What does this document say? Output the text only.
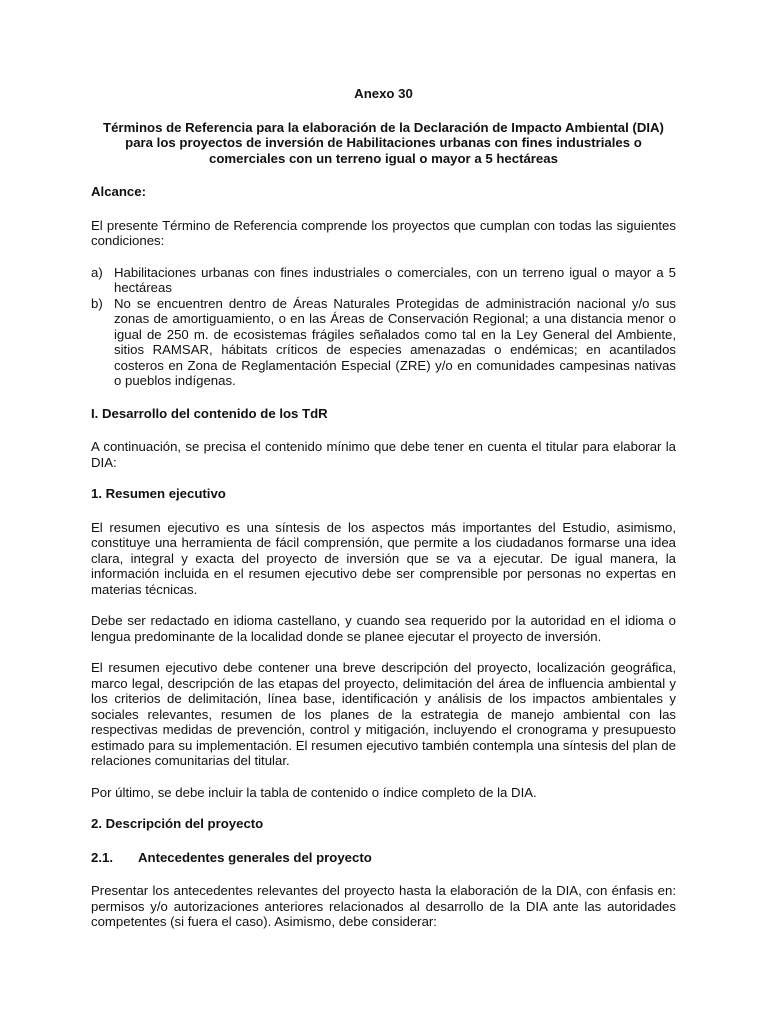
Anexo 30
Términos de Referencia para la elaboración de la Declaración de Impacto Ambiental (DIA) para los proyectos de inversión de Habilitaciones urbanas con fines industriales o comerciales con un terreno igual o mayor a 5 hectáreas
Alcance:

El presente Término de Referencia comprende los proyectos que cumplan con todas las siguientes condiciones:

a) Habilitaciones urbanas con fines industriales o comerciales, con un terreno igual o mayor a 5 hectáreas
b) No se encuentren dentro de Áreas Naturales Protegidas de administración nacional y/o sus zonas de amortiguamiento, o en las Áreas de Conservación Regional; a una distancia menor o igual de 250 m. de ecosistemas frágiles señalados como tal en la Ley General del Ambiente, sitios RAMSAR, hábitats críticos de especies amenazadas o endémicas; en acantilados costeros en Zona de Reglamentación Especial (ZRE) y/o en comunidades campesinas nativas o pueblos indígenas.
I. Desarrollo del contenido de los TdR

A continuación, se precisa el contenido mínimo que debe tener en cuenta el titular para elaborar la DIA:

1. Resumen ejecutivo

El resumen ejecutivo es una síntesis de los aspectos más importantes del Estudio, asimismo, constituye una herramienta de fácil comprensión, que permite a los ciudadanos formarse una idea clara, integral y exacta del proyecto de inversión que se va a ejecutar. De igual manera, la información incluida en el resumen ejecutivo debe ser comprensible por personas no expertas en materias técnicas.

Debe ser redactado en idioma castellano, y cuando sea requerido por la autoridad en el idioma o lengua predominante de la localidad donde se planee ejecutar el proyecto de inversión.

El resumen ejecutivo debe contener una breve descripción del proyecto, localización geográfica, marco legal, descripción de las etapas del proyecto, delimitación del área de influencia ambiental y los criterios de delimitación, línea base, identificación y análisis de los impactos ambientales y sociales relevantes, resumen de los planes de la estrategia de manejo ambiental con las respectivas medidas de prevención, control y mitigación, incluyendo el cronograma y presupuesto estimado para su implementación. El resumen ejecutivo también contempla una síntesis del plan de relaciones comunitarias del titular.

Por último, se debe incluir la tabla de contenido o índice completo de la DIA.

2. Descripción del proyecto
2.1.	Antecedentes generales del proyecto

Presentar los antecedentes relevantes del proyecto hasta la elaboración de la DIA, con énfasis en: permisos y/o autorizaciones anteriores relacionados al desarrollo de la DIA ante las autoridades competentes (si fuera el caso). Asimismo, debe considerar:
